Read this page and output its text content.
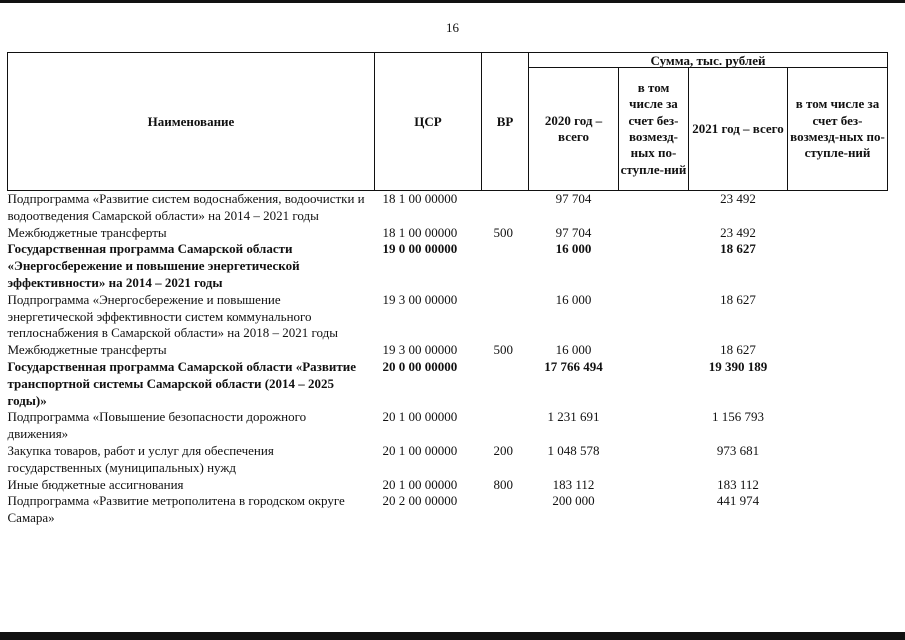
16
Наименование	ЦСР	ВР	Сумма, тыс. рублей			
			2020 год – всего	в том числе за счет без-возмезд-ных по-ступле-ний	2021 год – всего	в том числе за счет без-возмезд-ных по-ступле-ний
Подпрограмма «Развитие систем водоснабжения, водоочистки и водоотведения Самарской области» на 2014 – 2021 годы	18 1 00 00000		97 704		23 492	
Межбюджетные трансферты	18 1 00 00000	500	97 704		23 492	
Государственная программа Самарской области «Энергосбережение и повышение энергетической эффективности» на 2014 – 2021 годы	19 0 00 00000		16 000		18 627	
Подпрограмма «Энергосбережение и повышение энергетической эффективности систем коммунального теплоснабжения в Самарской области» на 2018 – 2021 годы	19 3 00 00000		16 000		18 627	
Межбюджетные трансферты	19 3 00 00000	500	16 000		18 627	
Государственная программа Самарской области «Развитие транспортной системы Самарской области (2014 – 2025 годы)»	20 0 00 00000		17 766 494		19 390 189	
Подпрограмма «Повышение безопасности дорожного движения»	20 1 00 00000		1 231 691		1 156 793	
Закупка товаров, работ и услуг для обеспечения государственных (муниципальных) нужд	20 1 00 00000	200	1 048 578		973 681	
Иные бюджетные ассигнования	20 1 00 00000	800	183 112		183 112	
Подпрограмма «Развитие метрополитена в городском округе Самара»	20 2 00 00000		200 000		441 974	
